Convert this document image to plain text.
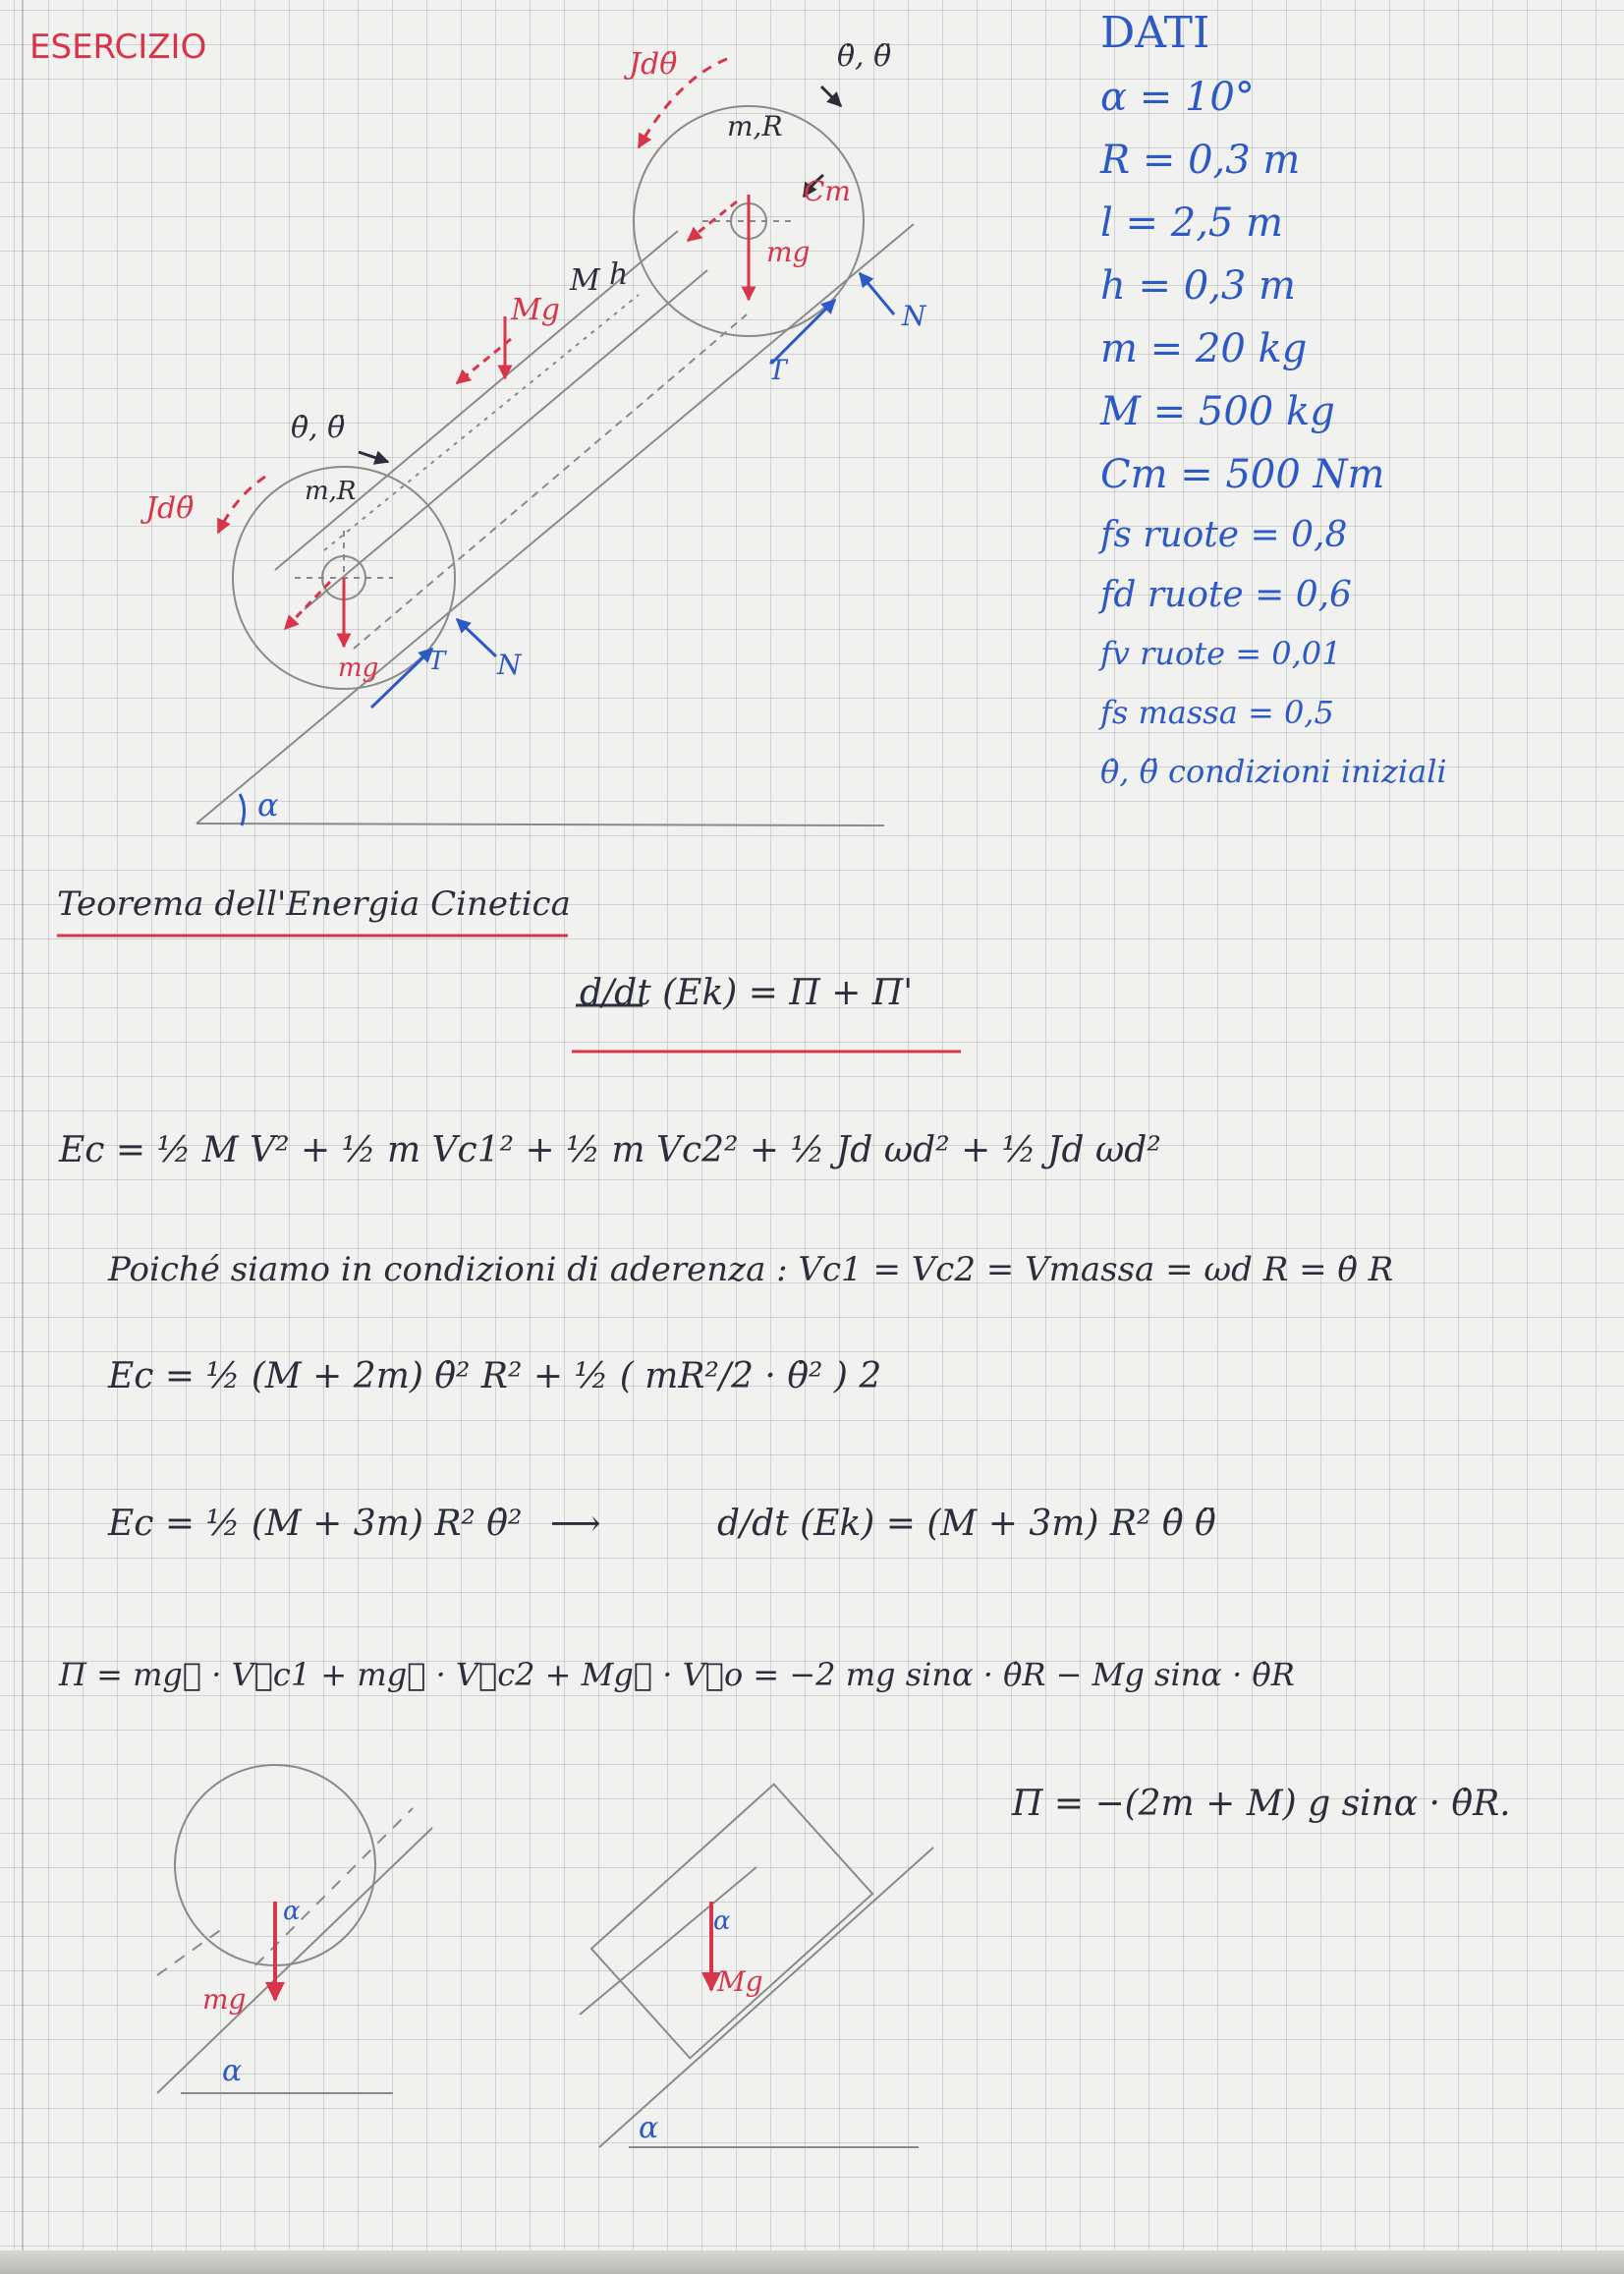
ESERCIZIO	DATI
α = 10°
R = 0,3 m
l = 2,5 m
h = 0,3 m
m = 20 kg
M = 500 kg
Cm = 500 Nm
fs ruote = 0,8
fd ruote = 0,6
fv ruote = 0,01
fs massa = 0,5
θ̇, θ̈ condizioni iniziali
Jdθ̈	θ̇, θ̈
m,R
Cm
mg
N
T
M h
Mg
θ̇, θ̈
Jdθ̈	m,R
mg T N
α
Teorema dell'Energia Cinetica
d/dt (Ek) = Π + Π'
Ec = ½ M V² + ½ m Vc1² + ½ m Vc2² + ½ Jd ωd² + ½ Jd ωd²
Poiché siamo in condizioni di aderenza : Vc1 = Vc2 = Vmassa = ωd R = θ̇ R
Ec = ½ (M + 2m) θ̇² R² + ½ ( mR²/2 · θ̇² ) 2
Ec = ½ (M + 3m) R² θ̇² ⟶	d/dt (Ek) = (M + 3m) R² θ̇ θ̈
Π = mg⃗ · V⃗c1 + mg⃗ · V⃗c2 + Mg⃗ · V⃗o = −2 mg sinα · θ̇R − Mg sinα · θ̇R
Π = −(2m + M) g sinα · θ̇R.
mg
α
α
Mg
α
α
